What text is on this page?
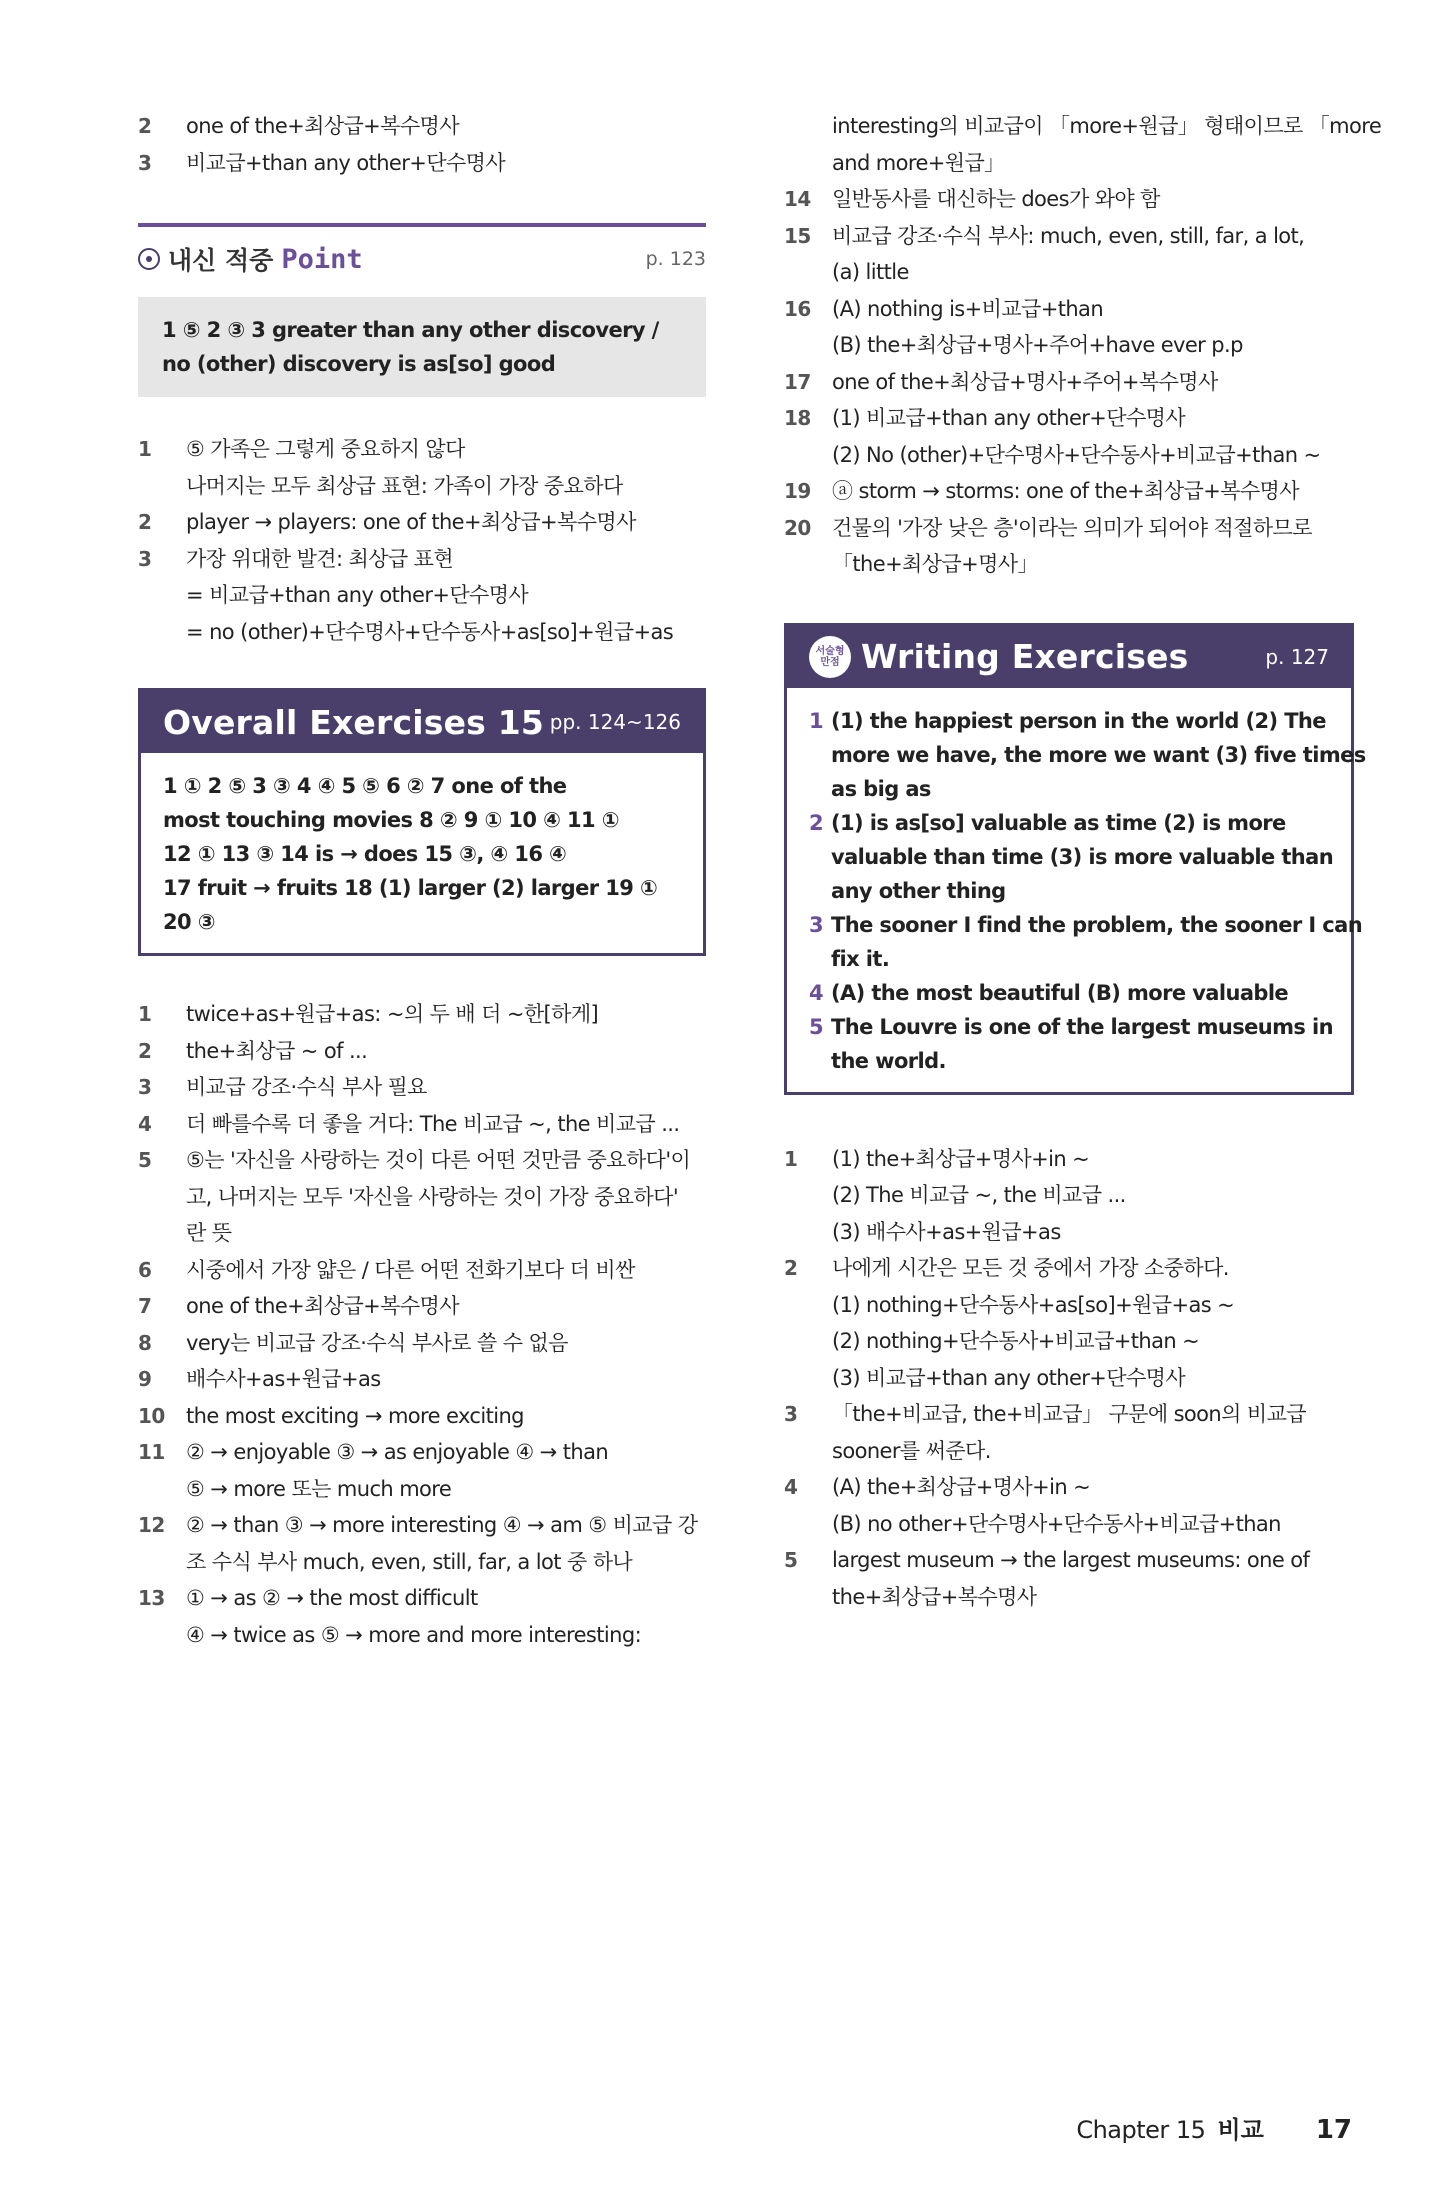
2	one of the+최상급+복수명사
3	비교급+than any other+단수명사
내신 적중 Point	p. 123
1 ⑤ 2 ③ 3 greater than any other discovery /
no (other) discovery is as[so] good
1	⑤ 가족은 그렇게 중요하지 않다
나머지는 모두 최상급 표현: 가족이 가장 중요하다
2	player → players: one of the+최상급+복수명사
3	가장 위대한 발견: 최상급 표현
= 비교급+than any other+단수명사
= no (other)+단수명사+단수동사+as[so]+원급+as
Overall Exercises 15 pp. 124~126
1 ① 2 ⑤ 3 ③ 4 ④ 5 ⑤ 6 ② 7 one of the
most touching movies 8 ② 9 ① 10 ④ 11 ①
12 ① 13 ③ 14 is → does 15 ③, ④ 16 ④
17 fruit → fruits 18 (1) larger (2) larger 19 ①
20 ③
1	twice+as+원급+as: ~의 두 배 더 ~한[하게]
2	the+최상급 ~ of ...
3	비교급 강조·수식 부사 필요
4	더 빠를수록 더 좋을 거다: The 비교급 ~, the 비교급 ...
5	⑤는 '자신을 사랑하는 것이 다른 어떤 것만큼 중요하다'이
고, 나머지는 모두 '자신을 사랑하는 것이 가장 중요하다'
란 뜻
6	시중에서 가장 얇은 / 다른 어떤 전화기보다 더 비싼
7	one of the+최상급+복수명사
8	very는 비교급 강조·수식 부사로 쓸 수 없음
9	배수사+as+원급+as
10	the most exciting → more exciting
11	② → enjoyable ③ → as enjoyable ④ → than
⑤ → more 또는 much more
12	② → than ③ → more interesting ④ → am ⑤ 비교급 강
조 수식 부사 much, even, still, far, a lot 중 하나
13	① → as ② → the most difficult
④ → twice as ⑤ → more and more interesting:
interesting의 비교급이 「more+원급」 형태이므로 「more
and more+원급」
14	일반동사를 대신하는 does가 와야 함
15	비교급 강조·수식 부사: much, even, still, far, a lot,
(a) little
16	(A) nothing is+비교급+than
(B) the+최상급+명사+주어+have ever p.p
17	one of the+최상급+명사+주어+복수명사
18	(1) 비교급+than any other+단수명사
(2) No (other)+단수명사+단수동사+비교급+than ~
19	ⓐ storm → storms: one of the+최상급+복수명사
20	건물의 '가장 낮은 층'이라는 의미가 되어야 적절하므로
「the+최상급+명사」
서술형 만점 Writing Exercises	p. 127
1 (1) the happiest person in the world (2) The
more we have, the more we want (3) five times
as big as
2 (1) is as[so] valuable as time (2) is more
valuable than time (3) is more valuable than
any other thing
3 The sooner I find the problem, the sooner I can
fix it.
4 (A) the most beautiful (B) more valuable
5 The Louvre is one of the largest museums in
the world.
1	(1) the+최상급+명사+in ~
(2) The 비교급 ~, the 비교급 ...
(3) 배수사+as+원급+as
2	나에게 시간은 모든 것 중에서 가장 소중하다.
(1) nothing+단수동사+as[so]+원급+as ~
(2) nothing+단수동사+비교급+than ~
(3) 비교급+than any other+단수명사
3	「the+비교급, the+비교급」 구문에 soon의 비교급
sooner를 써준다.
4	(A) the+최상급+명사+in ~
(B) no other+단수명사+단수동사+비교급+than
5	largest museum → the largest museums: one of
the+최상급+복수명사
Chapter 15 비교 17
